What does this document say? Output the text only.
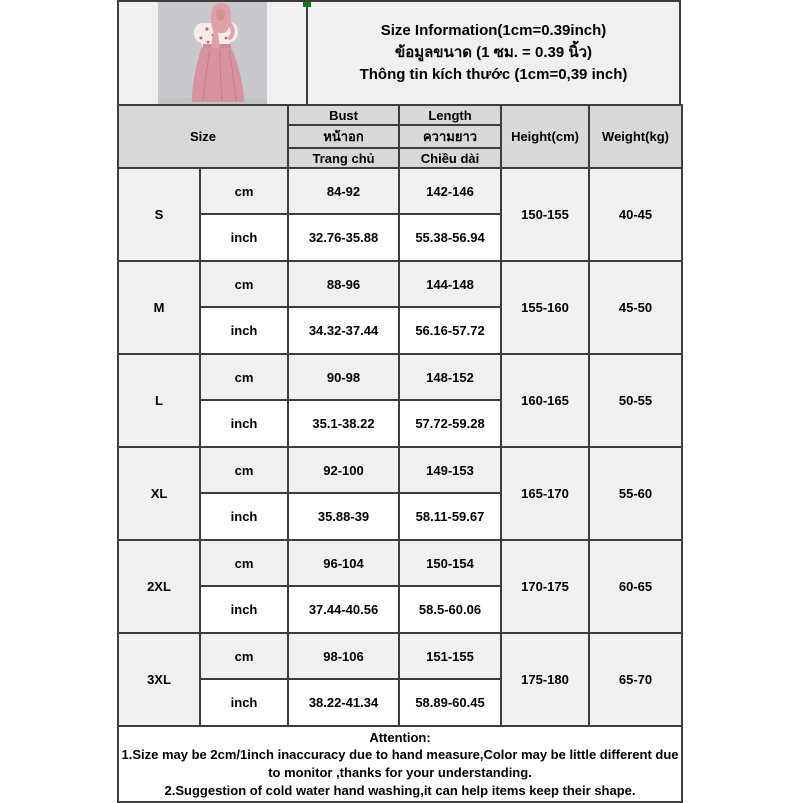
Size Information(1cm=0.39inch)
ข้อมูลขนาด (1 ซม. = 0.39 นิ้ว)
Thông tin kích thước (1cm=0,39 inch)
Size		Bust	Length	Height(cm)	Weight(kg)
		หน้าอก	ความยาว		
		Trang chủ	Chiều dài		
S	cm	84-92	142-146	150-155	40-45
	inch	32.76-35.88	55.38-56.94		
M	cm	88-96	144-148	155-160	45-50
	inch	34.32-37.44	56.16-57.72		
L	cm	90-98	148-152	160-165	50-55
	inch	35.1-38.22	57.72-59.28		
XL	cm	92-100	149-153	165-170	55-60
	inch	35.88-39	58.11-59.67		
2XL	cm	96-104	150-154	170-175	60-65
	inch	37.44-40.56	58.5-60.06		
3XL	cm	98-106	151-155	175-180	65-70
	inch	38.22-41.34	58.89-60.45		

Attention:
1.Size may be 2cm/1inch inaccuracy due to hand measure,Color may be little different due to monitor ,thanks for your understanding.
2.Suggestion of cold water hand washing,it can help items keep their shape.					
